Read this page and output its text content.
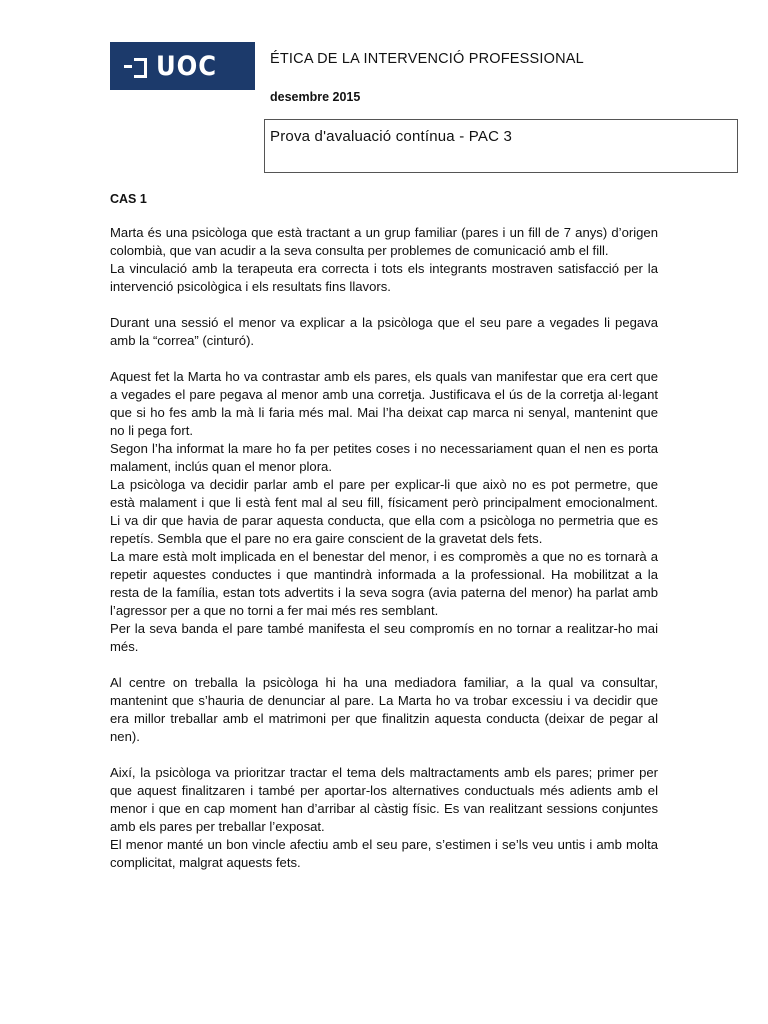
UOC	ÉTICA DE LA INTERVENCIÓ PROFESSIONAL
desembre 2015
Prova d'avaluació contínua - PAC 3
CAS 1

Marta és una psicòloga que està tractant a un grup familiar (pares i un fill de 7 anys) d’origen colombià, que van acudir a la seva consulta per problemes de comunicació amb el fill.

La vinculació amb la terapeuta era correcta i tots els integrants mostraven satisfacció per la intervenció psicològica i els resultats fins llavors.

Durant una sessió el menor va explicar a la psicòloga que el seu pare a vegades li pegava amb la “correa” (cinturó).

Aquest fet la Marta ho va contrastar amb els pares, els quals van manifestar que era cert que a vegades el pare pegava al menor amb una corretja. Justificava el ús de la corretja al·legant que si ho fes amb la mà li faria més mal. Mai l’ha deixat cap marca ni senyal, mantenint que no li pega fort.

Segon l’ha informat la mare ho fa per petites coses i no necessariament quan el nen es porta malament, inclús quan el menor plora.

La psicòloga va decidir parlar amb el pare per explicar-li que això no es pot permetre, que està malament i que li està fent mal al seu fill, físicament però principalment emocionalment. Li va dir que havia de parar aquesta conducta, que ella com a psicòloga no permetria que es repetís. Sembla que el pare no era gaire conscient de la gravetat dels fets.

La mare està molt implicada en el benestar del menor, i es compromès a que no es tornarà a repetir aquestes conductes i que mantindrà informada a la professional. Ha mobilitzat a la resta de la família, estan tots advertits i la seva sogra (avia paterna del menor) ha parlat amb l’agressor per a que no torni a fer mai més res semblant.

Per la seva banda el pare també manifesta el seu compromís en no tornar a realitzar-ho mai més.

Al centre on treballa la psicòloga hi ha una mediadora familiar, a la qual va consultar, mantenint que s’hauria de denunciar al pare. La Marta ho va trobar excessiu i va decidir que era millor treballar amb el matrimoni per que finalitzin aquesta conducta (deixar de pegar al nen).

Així, la psicòloga va prioritzar tractar el tema dels maltractaments amb els pares; primer per que aquest finalitzaren i també per aportar-los alternatives conductuals més adients amb el menor i que en cap moment han d’arribar al càstig físic. Es van realitzant sessions conjuntes amb els pares per treballar l’exposat.

El menor manté un bon vincle afectiu amb el seu pare, s’estimen i se’ls veu untis i amb molta complicitat, malgrat aquests fets.
